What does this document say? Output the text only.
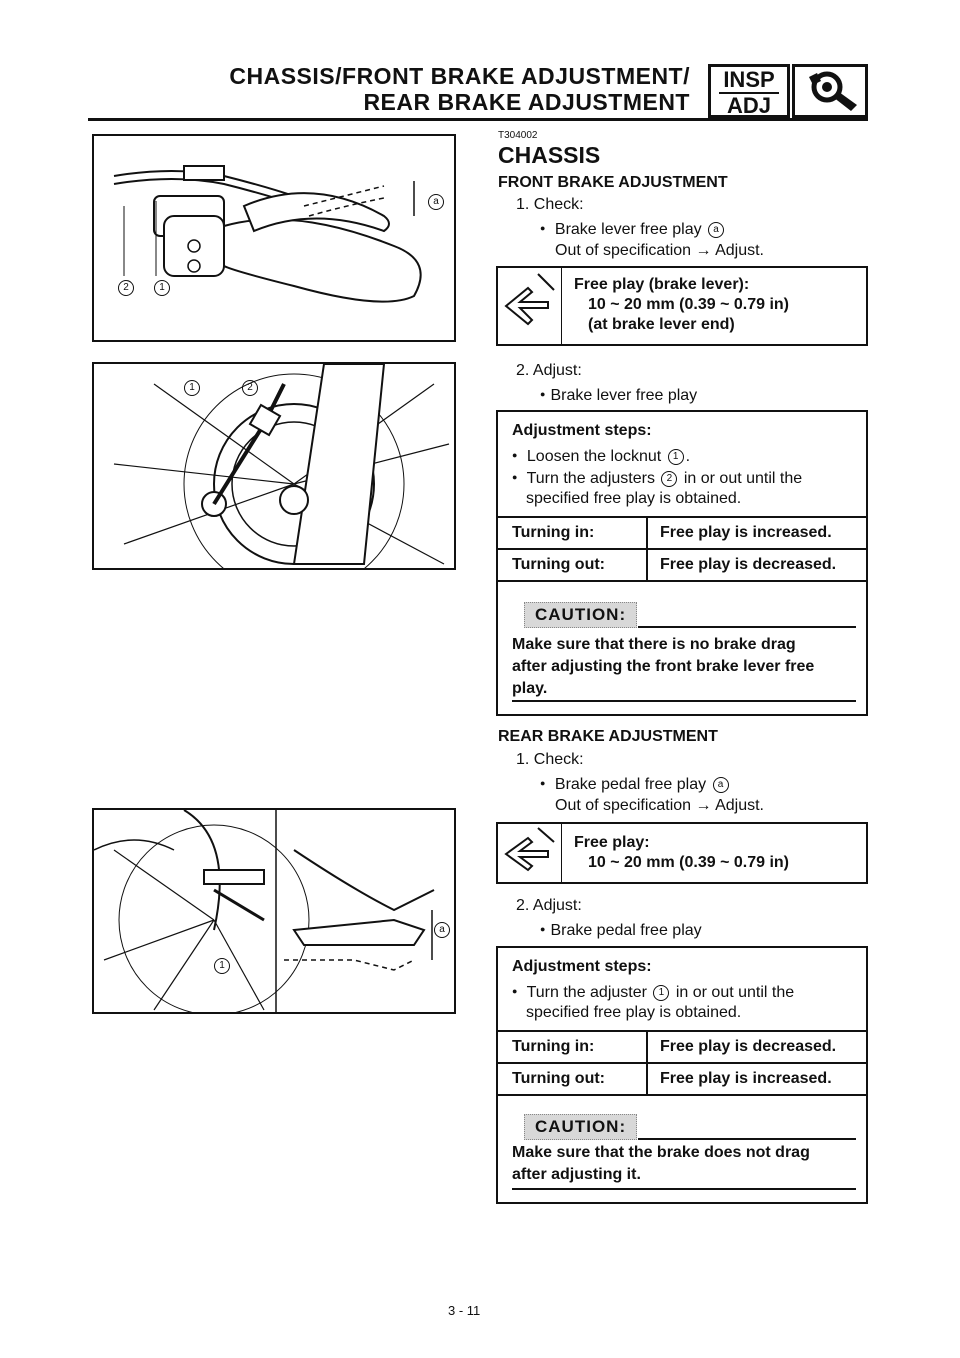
CHASSIS/FRONT BRAKE ADJUSTMENT/
REAR BRAKE ADJUSTMENT
INSP
ADJ
a
2	1
1	2
1
a
T304002
CHASSIS
FRONT BRAKE ADJUSTMENT
1. Check:
● Brake lever free play a
Out of specification → Adjust.
Free play (brake lever):
10 ~ 20 mm (0.39 ~ 0.79 in)
(at brake lever end)
2. Adjust:
● Brake lever free play
Adjustment steps:
● Loosen the locknut 1 .
● Turn the adjusters 2 in or out until the
specified free play is obtained.
Turning in:	Free play is increased.
Turning out:	Free play is decreased.
CAUTION:
Make sure that there is no brake drag
after adjusting the front brake lever free
play.
REAR BRAKE ADJUSTMENT
1. Check:
● Brake pedal free play a
Out of specification → Adjust.
Free play:
10 ~ 20 mm (0.39 ~ 0.79 in)
2. Adjust:
● Brake pedal free play
Adjustment steps:
● Turn the adjuster 1 in or out until the
specified free play is obtained.
Turning in:	Free play is decreased.
Turning out:	Free play is increased.
CAUTION:
Make sure that the brake does not drag
after adjusting it.
3 - 11
